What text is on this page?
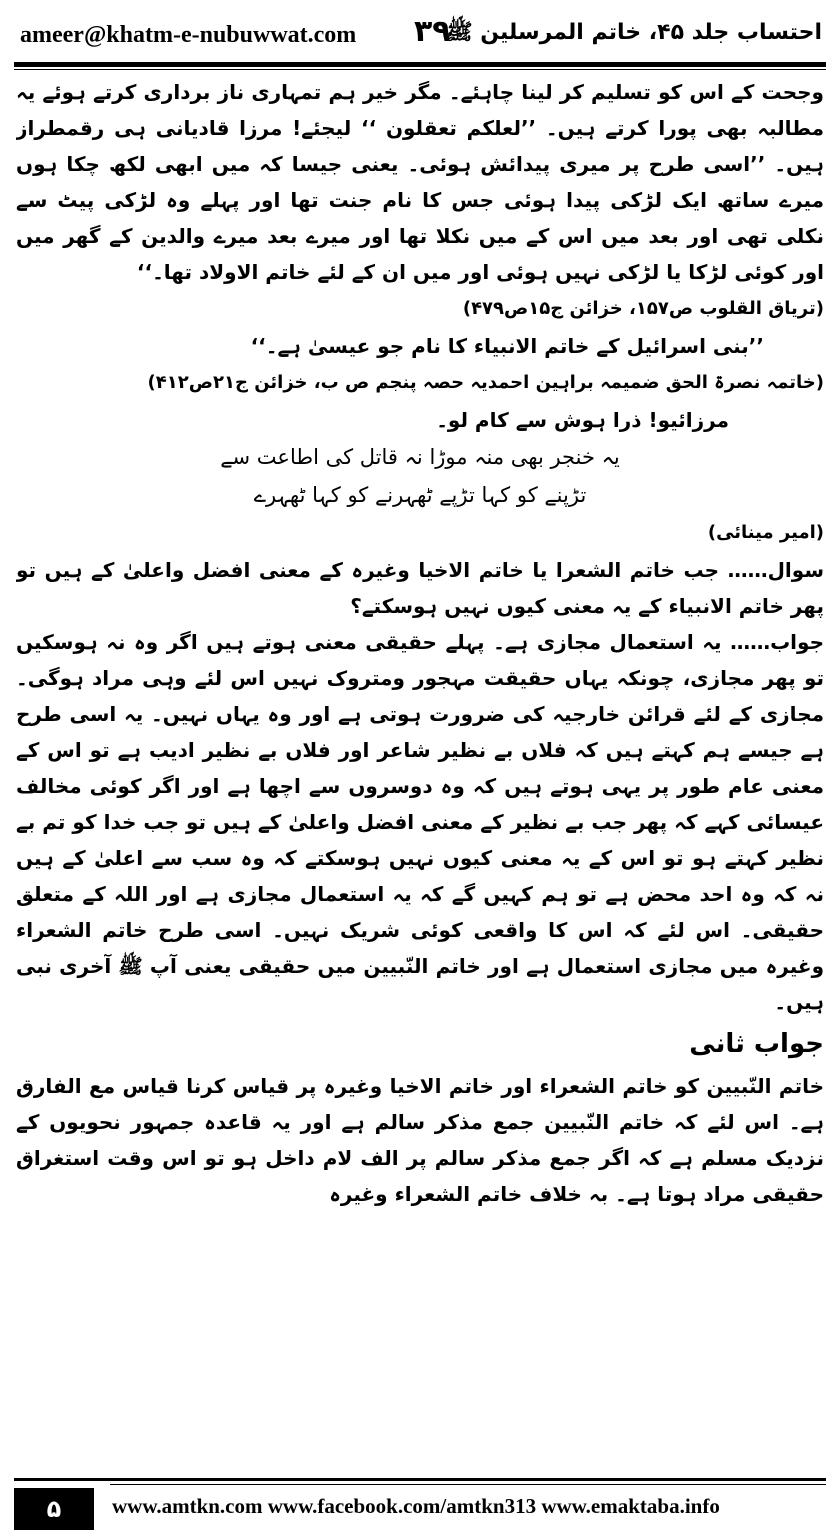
ameer@khatm-e-nubuwwat.com ۳۹
احتساب جلد ۴۵، خاتم المرسلین ﷺ

وجحت کے اس کو تسلیم کر لینا چاہئے۔ مگر خیر ہم تمہاری ناز برداری کرتے ہوئے یہ مطالبہ بھی پورا کرتے ہیں۔ ’’لعلکم تعقلون ‘‘ لیجئے! مرزا قادیانی ہی رقمطراز ہیں۔ ’’اسی طرح پر میری پیدائش ہوئی۔ یعنی جیسا کہ میں ابھی لکھ چکا ہوں میرے ساتھ ایک لڑکی پیدا ہوئی جس کا نام جنت تھا اور پہلے وہ لڑکی پیٹ سے نکلی تھی اور بعد میں اس کے میں نکلا تھا اور میرے بعد میرے والدین کے گھر میں اور کوئی لڑکا یا لڑکی نہیں ہوئی اور میں ان کے لئے خاتم الاولاد تھا۔‘‘

(تریاق القلوب ص۱۵۷، خزائن ج۱۵ص۴۷۹)

’’بنی اسرائیل کے خاتم الانبیاء کا نام جو عیسیٰ ہے۔‘‘

(خاتمہ نصرۃ الحق ضمیمہ براہین احمدیہ حصہ پنجم ص ب، خزائن ج۲۱ص۴۱۲)

مرزائیو! ذرا ہوش سے کام لو۔

یہ خنجر بھی منہ موڑا نہ قاتل کی اطاعت سے
تڑپنے کو کہا تڑپے ٹھہرنے کو کہا ٹھہرے

(امیر مینائی)

سوال…… جب خاتم الشعرا یا خاتم الاخیا وغیرہ کے معنی افضل واعلیٰ کے ہیں تو پھر خاتم الانبیاء کے یہ معنی کیوں نہیں ہوسکتے؟

جواب…… یہ استعمال مجازی ہے۔ پہلے حقیقی معنی ہوتے ہیں اگر وہ نہ ہوسکیں تو پھر مجازی، چونکہ یہاں حقیقت مہجور ومتروک نہیں اس لئے وہی مراد ہوگی۔ مجازی کے لئے قرائن خارجیہ کی ضرورت ہوتی ہے اور وہ یہاں نہیں۔ یہ اسی طرح ہے جیسے ہم کہتے ہیں کہ فلاں بے نظیر شاعر اور فلاں بے نظیر ادیب ہے تو اس کے معنی عام طور پر یہی ہوتے ہیں کہ وہ دوسروں سے اچھا ہے اور اگر کوئی مخالف عیسائی کہے کہ پھر جب بے نظیر کے معنی افضل واعلیٰ کے ہیں تو جب خدا کو تم بے نظیر کہتے ہو تو اس کے یہ معنی کیوں نہیں ہوسکتے کہ وہ سب سے اعلیٰ کے ہیں نہ کہ وہ احد محض ہے تو ہم کہیں گے کہ یہ استعمال مجازی ہے اور اللہ کے متعلق حقیقی۔ اس لئے کہ اس کا واقعی کوئی شریک نہیں۔ اسی طرح خاتم الشعراء وغیرہ میں مجازی استعمال ہے اور خاتم النّبیین میں حقیقی یعنی آپ ﷺ آخری نبی ہیں۔

جواب ثانی

خاتم النّبیین کو خاتم الشعراء اور خاتم الاخیا وغیرہ پر قیاس کرنا قیاس مع الفارق ہے۔ اس لئے کہ خاتم النّبیین جمع مذکر سالم ہے اور یہ قاعدہ جمہور نحویوں کے نزدیک مسلم ہے کہ اگر جمع مذکر سالم پر الف لام داخل ہو تو اس وقت استغراق حقیقی مراد ہوتا ہے۔ بہ خلاف خاتم الشعراء وغیرہ

۵	www.amtkn.com www.facebook.com/amtkn313 www.emaktaba.info
